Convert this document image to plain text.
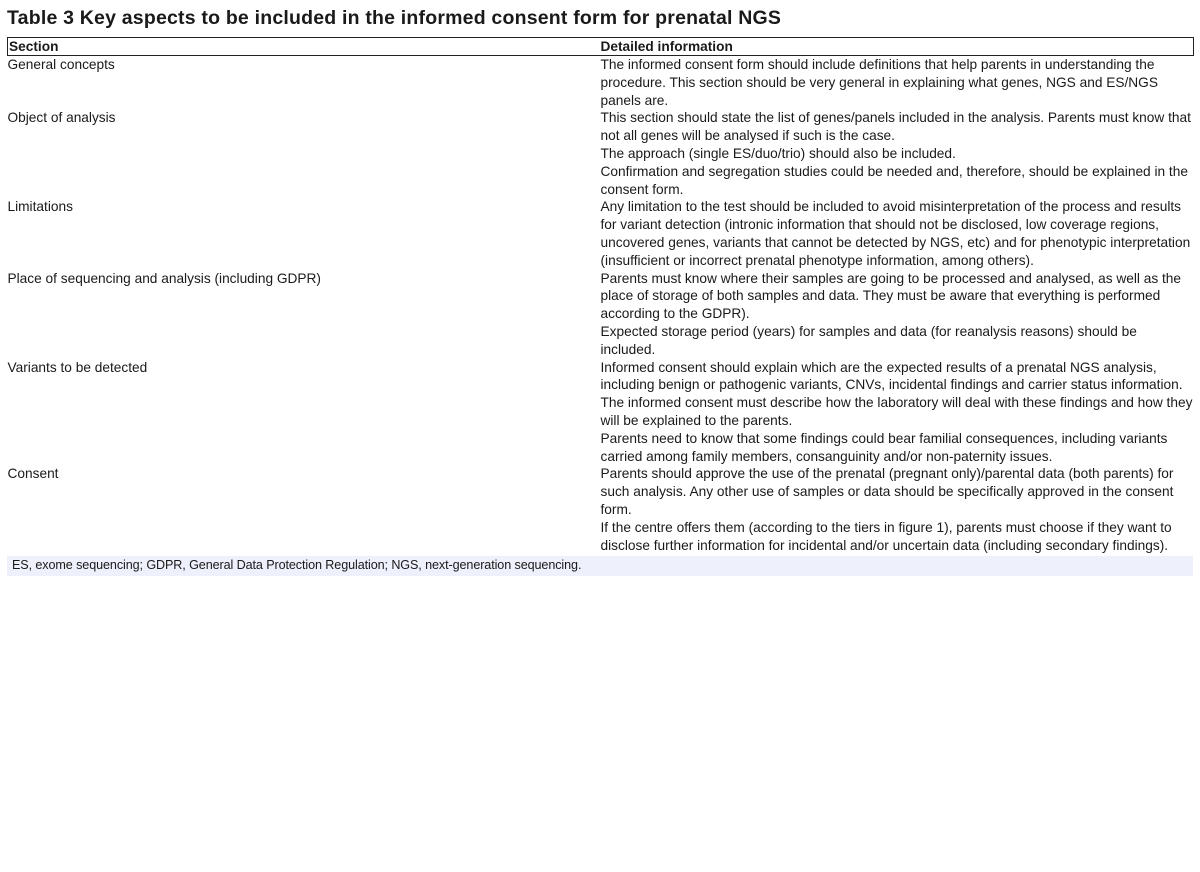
Table 3 Key aspects to be included in the informed consent form for prenatal NGS
Section	Detailed information
General concepts	The informed consent form should include definitions that help parents in understanding the procedure. This section should be very general in explaining what genes, NGS and ES/NGS panels are.

Object of analysis	This section should state the list of genes/panels included in the analysis. Parents must know that not all genes will be analysed if such is the case.
The approach (single ES/duo/trio) should also be included.
Confirmation and segregation studies could be needed and, therefore, should be explained in the consent form.

Limitations	Any limitation to the test should be included to avoid misinterpretation of the process and results for variant detection (intronic information that should not be disclosed, low coverage regions, uncovered genes, variants that cannot be detected by NGS, etc) and for phenotypic interpretation (insufficient or incorrect prenatal phenotype information, among others).

Place of sequencing and analysis (including GDPR)	Parents must know where their samples are going to be processed and analysed, as well as the place of storage of both samples and data. They must be aware that everything is performed according to the GDPR).
Expected storage period (years) for samples and data (for reanalysis reasons) should be included.

Variants to be detected	Informed consent should explain which are the expected results of a prenatal NGS analysis, including benign or pathogenic variants, CNVs, incidental findings and carrier status information. The informed consent must describe how the laboratory will deal with these findings and how they will be explained to the parents.
Parents need to know that some findings could bear familial consequences, including variants carried among family members, consanguinity and/or non-paternity issues.

Consent	Parents should approve the use of the prenatal (pregnant only)/parental data (both parents) for such analysis. Any other use of samples or data should be specifically approved in the consent form.
If the centre offers them (according to the tiers in figure 1), parents must choose if they want to disclose further information for incidental and/or uncertain data (including secondary findings).
ES, exome sequencing; GDPR, General Data Protection Regulation; NGS, next-generation sequencing.
